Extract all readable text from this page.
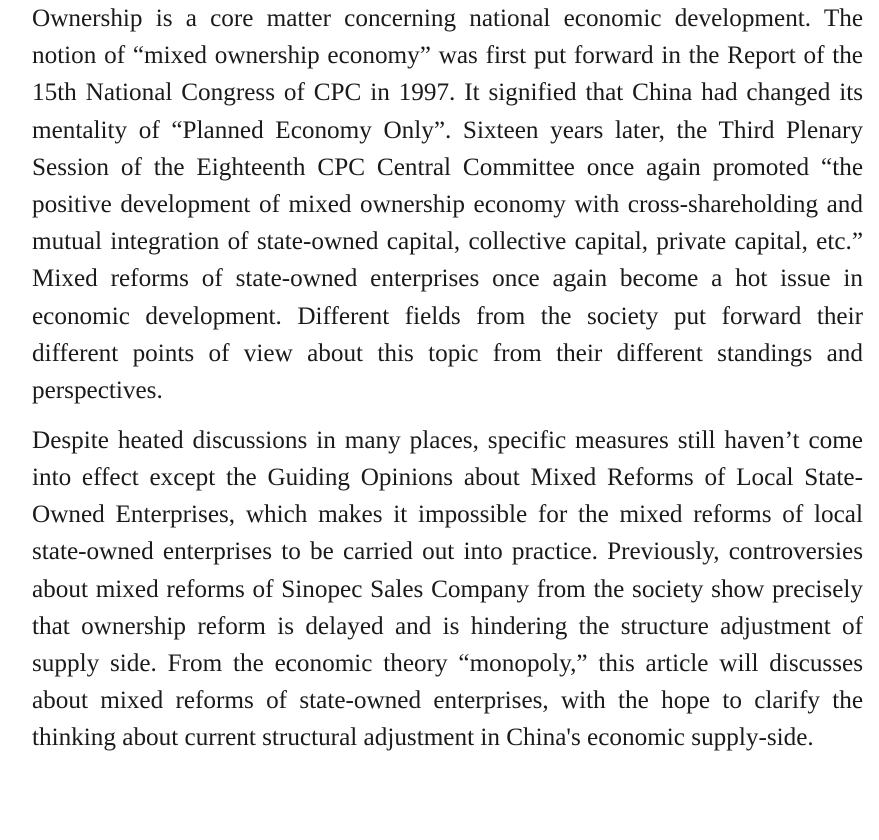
Ownership is a core matter concerning national economic development. The notion of “mixed ownership economy” was first put forward in the Report of the 15th National Congress of CPC in 1997. It signified that China had changed its mentality of “Planned Economy Only”. Sixteen years later, the Third Plenary Session of the Eighteenth CPC Central Committee once again promoted “the positive development of mixed ownership economy with cross-shareholding and mutual integration of state-owned capital, collective capital, private capital, etc.” Mixed reforms of state-owned enterprises once again become a hot issue in economic development. Different fields from the society put forward their different points of view about this topic from their different standings and perspectives.

Despite heated discussions in many places, specific measures still haven’t come into effect except the Guiding Opinions about Mixed Reforms of Local State-Owned Enterprises, which makes it impossible for the mixed reforms of local state-owned enterprises to be carried out into practice. Previously, controversies about mixed reforms of Sinopec Sales Company from the society show precisely that ownership reform is delayed and is hindering the structure adjustment of supply side. From the economic theory “monopoly,” this article will discusses about mixed reforms of state-owned enterprises, with the hope to clarify the thinking about current structural adjustment in China's economic supply-side.
